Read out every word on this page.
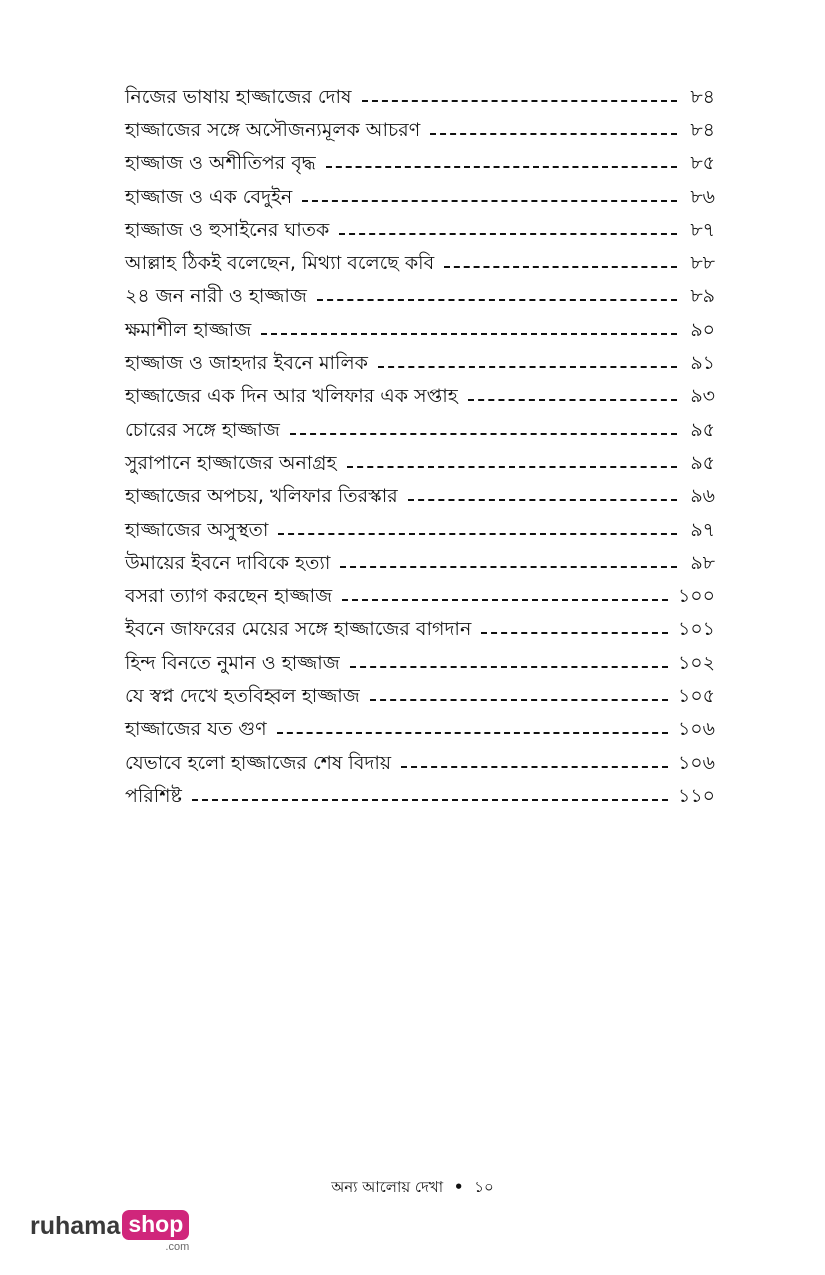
নিজের ভাষায় হাজ্জাজের দোষ	৮৪
হাজ্জাজের সঙ্গে অসৌজন্যমূলক আচরণ	৮৪
হাজ্জাজ ও অশীতিপর বৃদ্ধ	৮৫
হাজ্জাজ ও এক বেদুইন	৮৬
হাজ্জাজ ও হুসাইনের ঘাতক	৮৭
আল্লাহ ঠিকই বলেছেন, মিথ্যা বলেছে কবি	৮৮
২৪ জন নারী ও হাজ্জাজ	৮৯
ক্ষমাশীল হাজ্জাজ	৯০
হাজ্জাজ ও জাহদার ইবনে মালিক	৯১
হাজ্জাজের এক দিন আর খলিফার এক সপ্তাহ	৯৩
চোরের সঙ্গে হাজ্জাজ	৯৫
সুরাপানে হাজ্জাজের অনাগ্রহ	৯৫
হাজ্জাজের অপচয়, খলিফার তিরস্কার	৯৬
হাজ্জাজের অসুস্থতা	৯৭
উমায়ের ইবনে দাবিকে হত্যা	৯৮
বসরা ত্যাগ করছেন হাজ্জাজ	১০০
ইবনে জাফরের মেয়ের সঙ্গে হাজ্জাজের বাগদান	১০১
হিন্দ বিনতে নুমান ও হাজ্জাজ	১০২
যে স্বপ্ন দেখে হতবিহ্বল হাজ্জাজ	১০৫
হাজ্জাজের যত গুণ	১০৬
যেভাবে হলো হাজ্জাজের শেষ বিদায়	১০৬
পরিশিষ্ট	১১০
অন্য আলোয় দেখা • ১০
ruhama shop
.com
